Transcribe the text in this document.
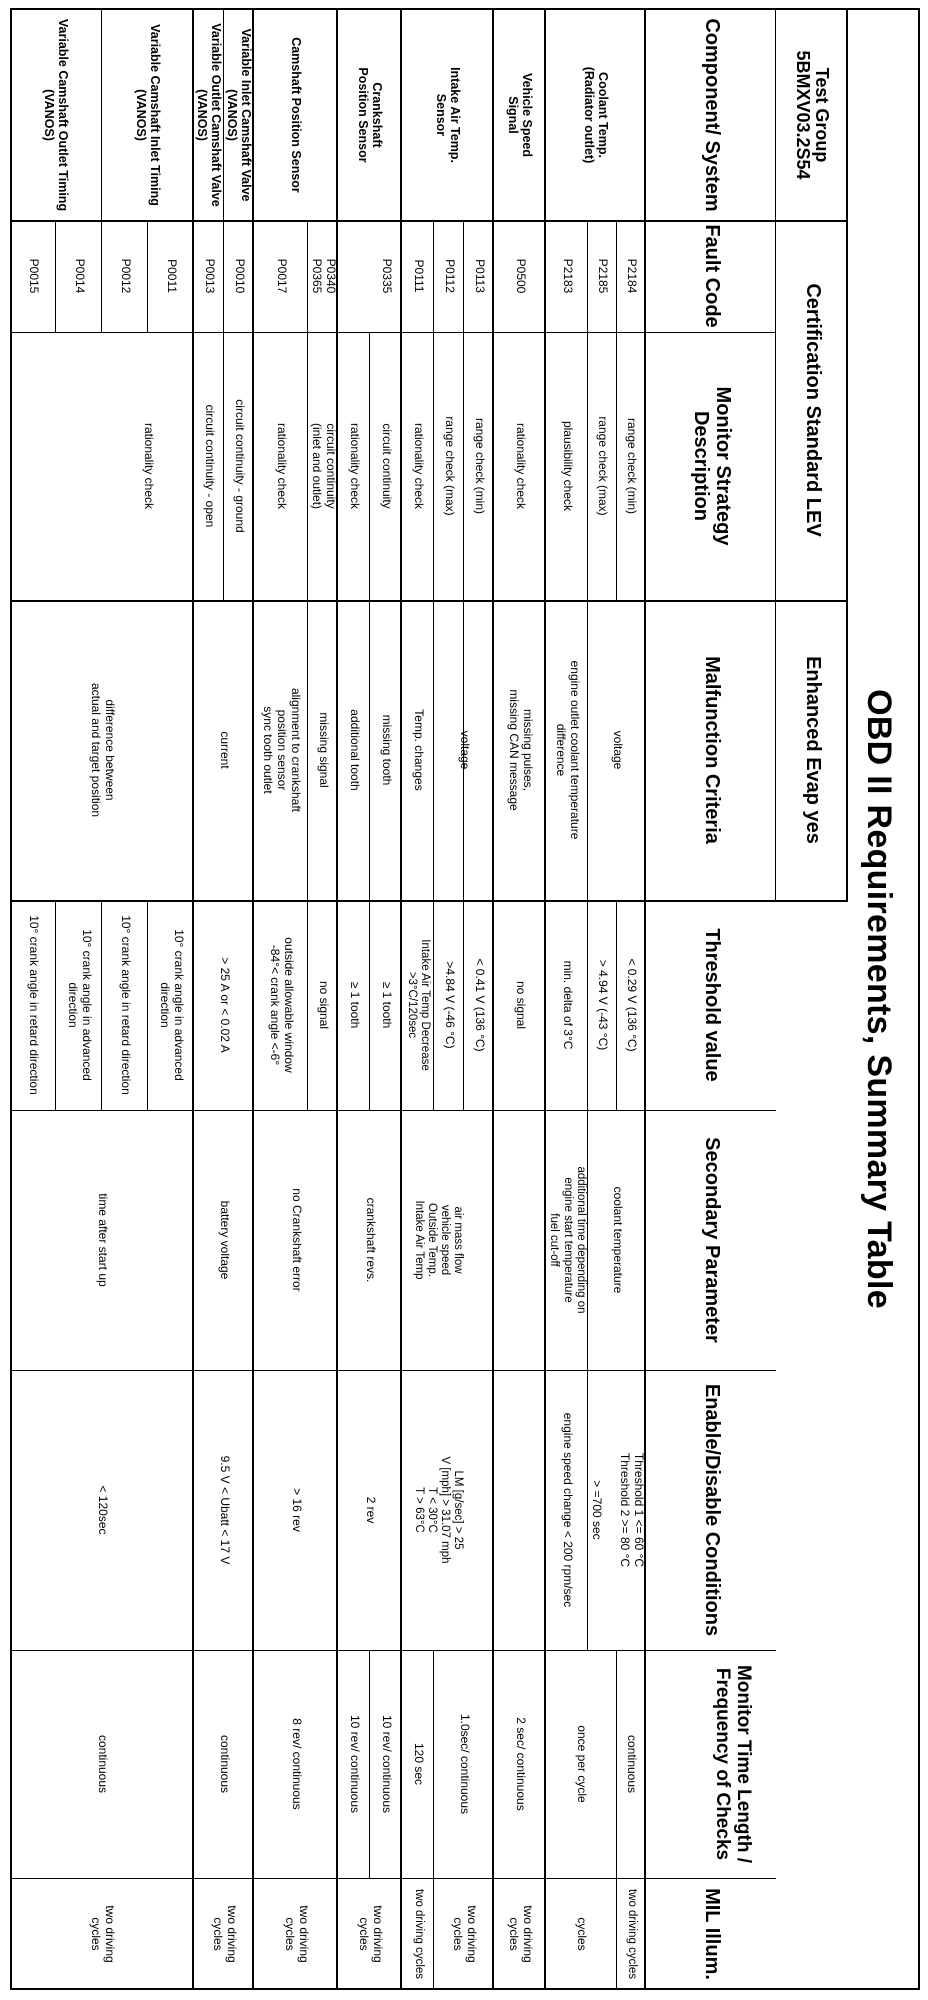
OBD II Requirements, Summary Table
Test Group 5BMXV03.2S54
Certification Standard LEV
Enhanced Evap yes
Component/ System
Fault Code
Monitor Strategy Description
Malfunction Criteria
Threshold value
Secondary Parameter
Enable/Disable Conditions
Monitor Time Length / Frequency of Checks
MIL Illum.
Coolant Temp.
(Radiator outlet)
P2184
P2185
P2183
range check (min)
range check (max)
plausibility check
voltage
engine outlet coolant temperature
difference
< 0.29 V (136 °C)
> 4.94 V (-43 °C)
min. delta of 3°C
coolant temperature
additional time depending on
engine start temperature
fuel cut-off
Threshold 1 <= 60 °C
Threshold 2 >= 80 °C

> =700 sec
engine speed change < 200 rpm/sec
continuous
once per cycle
two driving cycles
cycles
Vehicle Speed
Signal
P0500
rationality check
missing pulses,
missing CAN message
no signal
2 sec/ continuous
two driving
cycles
Intake Air Temp.
Sensor
P0113
P0112
P0111
range check (min)
range check (max)
rationality check
voltage
Temp. changes
< 0.41 V (136 °C)
>4.84 V (-46 °C)
Intake Air Temp Decrease
>3°C/120sec
air mass flow
vehicle speed
Outside Temp.
Intake Air Temp
LM [g/sec] > 25
V [mph] > 31.07 mph
T < 30°C
T > 63°C
1.0sec/ continuous
120 sec
two driving
cycles
two driving cycles
Crankshaft
Position Sensor
P0335
circuit continuity
rationality check
missing tooth
additional tooth
≥ 1 tooth
≥ 1 tooth
crankshaft revs.
2 rev
10 rev/ continuous
10 rev/ continuous
two driving
cycles
Camshaft Position Sensor
P0340
P0365
P0017
circuit continuity
(inlet and outlet)
rationality check
missing signal
alignment to crankshaft
position sensor
sync tooth outlet
no signal
outside allowable window
-84°< crank angle <-6°
no Crankshaft error
> 16 rev
8 rev/ continuous
two driving
cycles
Variable Inlet Camshaft Valve
(VANOS)
Variable Outlet Camshaft Valve
(VANOS)
P0010
P0013
circuit continuity - ground
circuit continuity - open
current
> 25 A or < 0.02 A
battery voltage
9.5 V < Ubatt < 17 V
continuous
two driving
cycles
Variable Camshaft Inlet Timing
(VANOS)
Variable Camshaft Outlet Timing
(VANOS)
P0011
P0012
P0014
P0015
rationality check
difference between
actual and target position
10° crank angle in advanced
direction
10° crank angle in retard direction
10° crank angle in advanced
direction
10° crank angle in retard direction
time after start up
< 120sec
continuous
two driving
cycles
